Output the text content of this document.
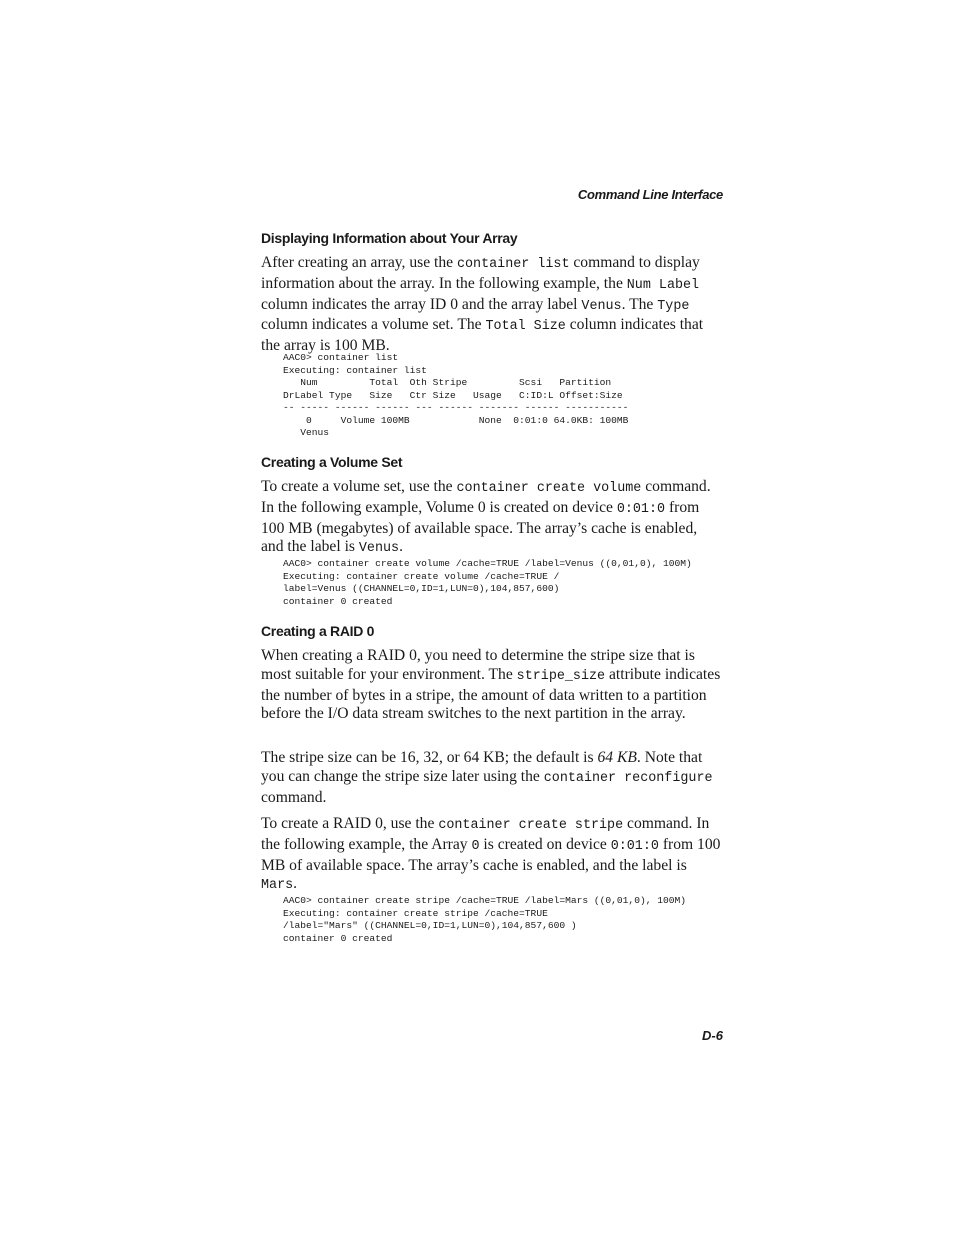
Command Line Interface
Displaying Information about Your Array

After creating an array, use the container list command to display information about the array. In the following example, the Num Label column indicates the array ID 0 and the array label Venus. The Type column indicates a volume set. The Total Size column indicates that the array is 100 MB.

AAC0> container list
Executing: container list
Num         Total  Oth Stripe         Scsi   Partition
DrLabel Type   Size   Ctr Size   Usage   C:ID:L Offset:Size
-- ----- ------ ------ --- ------ ------- ------ -----------
0     Volume 100MB            None  0:01:0 64.0KB: 100MB
Venus
Creating a Volume Set

To create a volume set, use the container create volume command. In the following example, Volume 0 is created on device 0:01:0 from 100 MB (megabytes) of available space. The array’s cache is enabled, and the label is Venus.

AAC0> container create volume /cache=TRUE /label=Venus ((0,01,0), 100M)
Executing: container create volume /cache=TRUE /
label=Venus ((CHANNEL=0,ID=1,LUN=0),104,857,600)
container 0 created
Creating a RAID 0

When creating a RAID 0, you need to determine the stripe size that is most suitable for your environment. The stripe_size attribute indicates the number of bytes in a stripe, the amount of data written to a partition before the I/O data stream switches to the next partition in the array.

The stripe size can be 16, 32, or 64 KB; the default is 64 KB. Note that you can change the stripe size later using the container reconfigure command.

To create a RAID 0, use the container create stripe command. In the following example, the Array 0 is created on device 0:01:0 from 100 MB of available space. The array’s cache is enabled, and the label is Mars.

AAC0> container create stripe /cache=TRUE /label=Mars ((0,01,0), 100M)
Executing: container create stripe /cache=TRUE
/label="Mars" ((CHANNEL=0,ID=1,LUN=0),104,857,600 )
container 0 created
D-6
